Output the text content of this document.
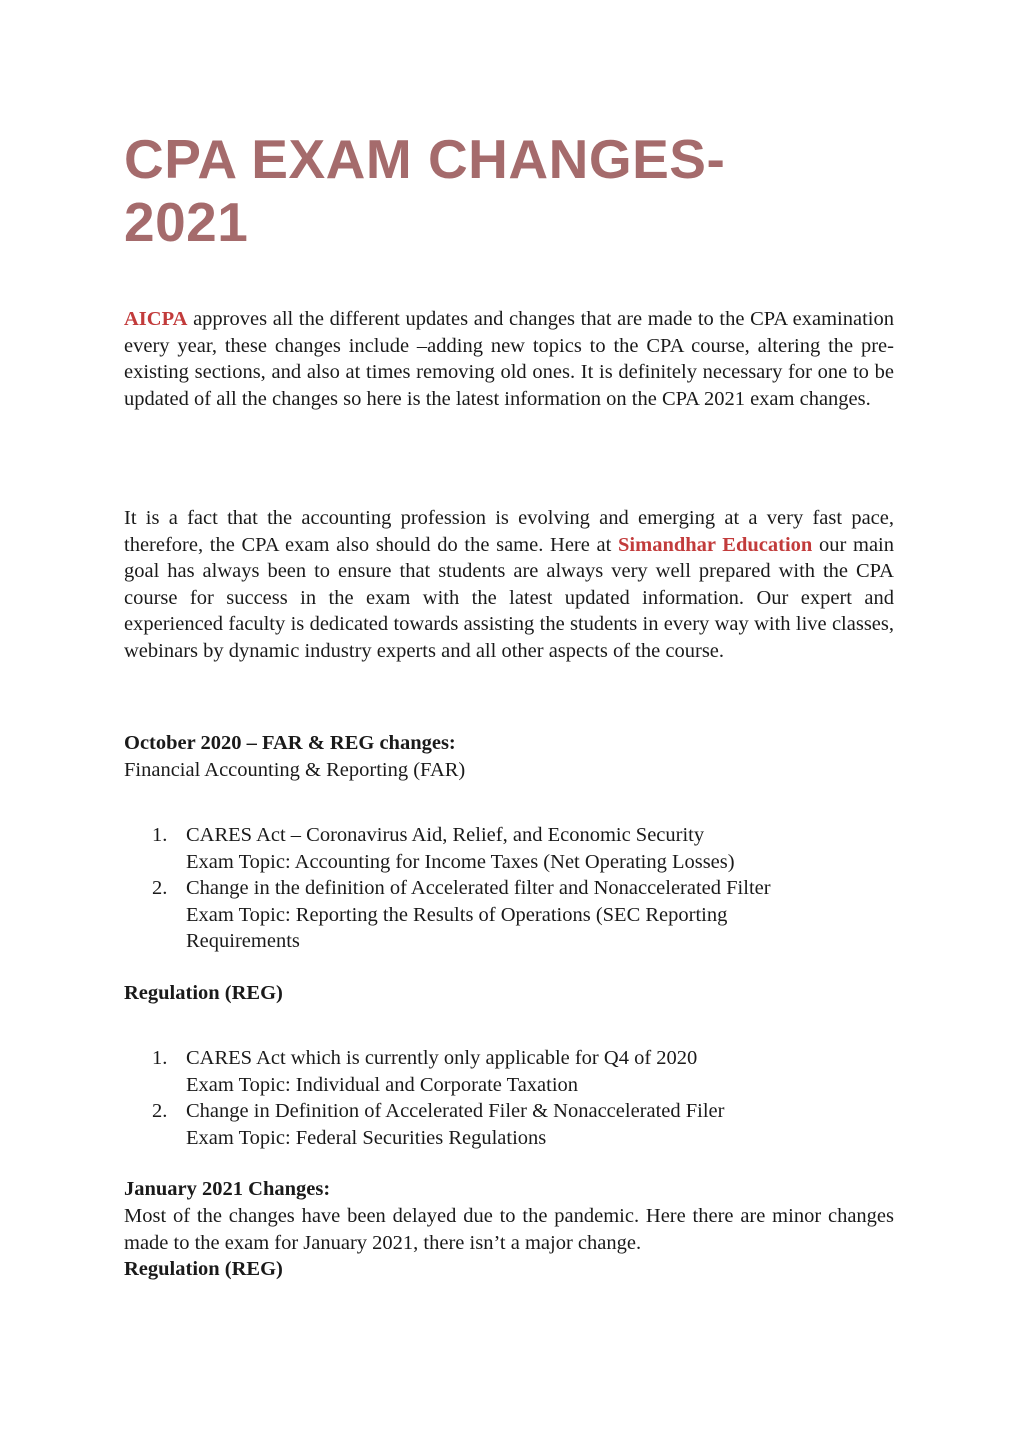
CPA EXAM CHANGES-
2021

AICPA approves all the different updates and changes that are made to the CPA examination every year, these changes include –adding new topics to the CPA course, altering the pre-existing sections, and also at times removing old ones. It is definitely necessary for one to be updated of all the changes so here is the latest information on the CPA 2021 exam changes.

It is a fact that the accounting profession is evolving and emerging at a very fast pace, therefore, the CPA exam also should do the same. Here at Simandhar Education our main goal has always been to ensure that students are always very well prepared with the CPA course for success in the exam with the latest updated information. Our expert and experienced faculty is dedicated towards assisting the students in every way with live classes, webinars by dynamic industry experts and all other aspects of the course.

October 2020 – FAR & REG changes:

Financial Accounting & Reporting (FAR)

1. CARES Act – Coronavirus Aid, Relief, and Economic Security
Exam Topic: Accounting for Income Taxes (Net Operating Losses)
2. Change in the definition of Accelerated filter and Nonaccelerated Filter
Exam Topic: Reporting the Results of Operations (SEC Reporting Requirements

Regulation (REG)

1. CARES Act which is currently only applicable for Q4 of 2020
Exam Topic: Individual and Corporate Taxation
2. Change in Definition of Accelerated Filer & Nonaccelerated Filer
Exam Topic: Federal Securities Regulations

January 2021 Changes:

Most of the changes have been delayed due to the pandemic. Here there are minor changes made to the exam for January 2021, there isn’t a major change.

Regulation (REG)
